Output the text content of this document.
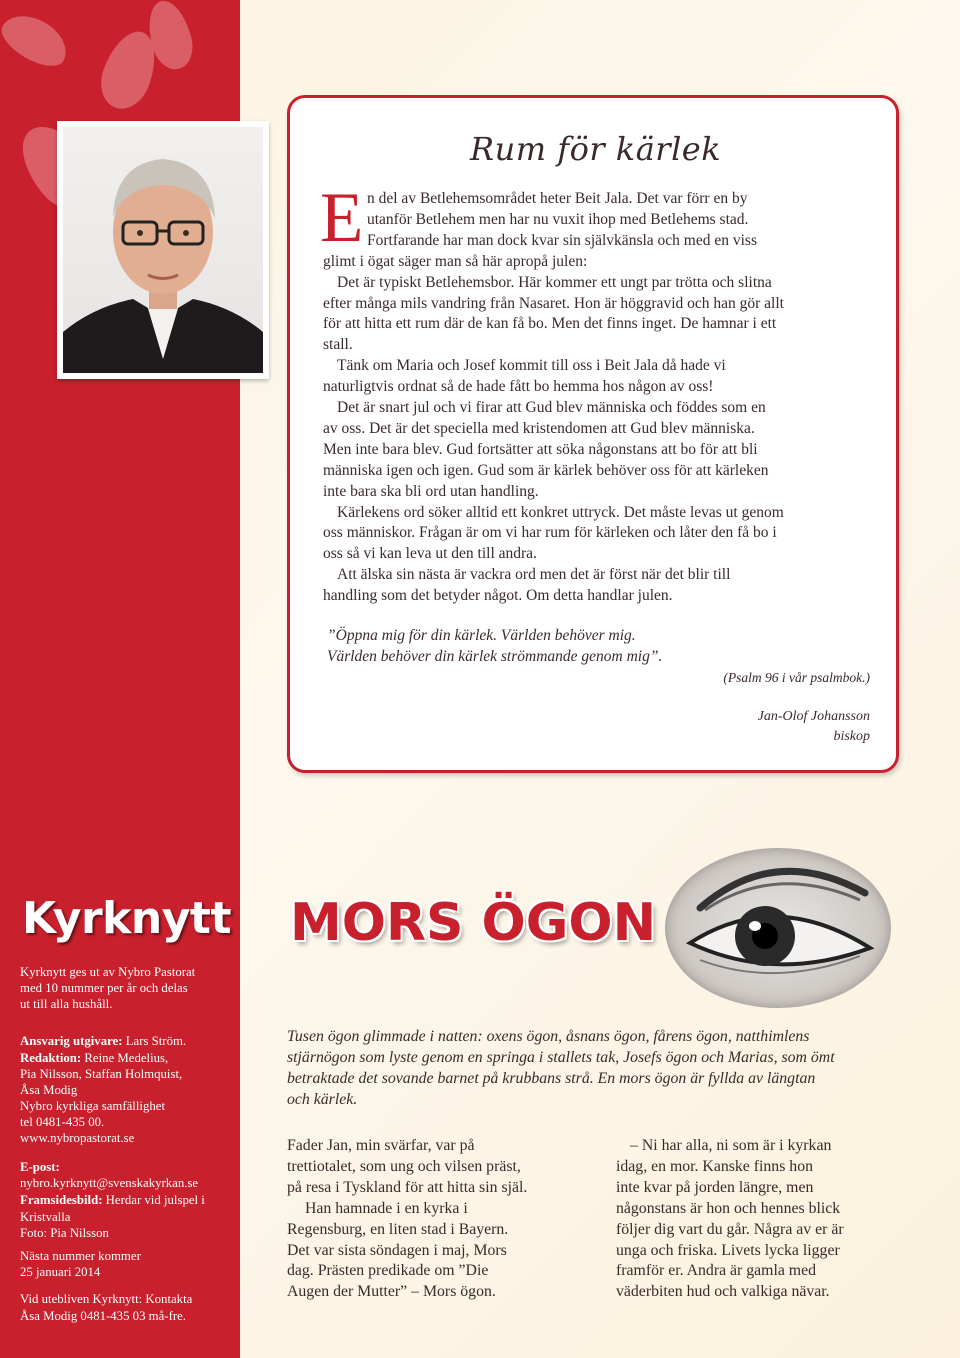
Rum för kärlek
E n del av Betlehemsområdet heter Beit Jala. Det var förr en by

utanför Betlehem men har nu vuxit ihop med Betlehems stad.

Fortfarande har man dock kvar sin självkänsla och med en viss

glimt i ögat säger man så här apropå julen:

Det är typiskt Betlehemsbor. Här kommer ett ungt par trötta och slitna

efter många mils vandring från Nasaret. Hon är höggravid och han gör allt

för att hitta ett rum där de kan få bo. Men det finns inget. De hamnar i ett

stall.

Tänk om Maria och Josef kommit till oss i Beit Jala då hade vi

naturligtvis ordnat så de hade fått bo hemma hos någon av oss!

Det är snart jul och vi firar att Gud blev människa och föddes som en

av oss. Det är det speciella med kristendomen att Gud blev människa.

Men inte bara blev. Gud fortsätter att söka någonstans att bo för att bli

människa igen och igen. Gud som är kärlek behöver oss för att kärleken

inte bara ska bli ord utan handling.

Kärlekens ord söker alltid ett konkret uttryck. Det måste levas ut genom

oss människor. Frågan är om vi har rum för kärleken och låter den få bo i

oss så vi kan leva ut den till andra.

Att älska sin nästa är vackra ord men det är först när det blir till

handling som det betyder något. Om detta handlar julen.

”Öppna mig för din kärlek. Världen behöver mig.

Världen behöver din kärlek strömmande genom mig”.

(Psalm 96 i vår psalmbok.)

Jan-Olof Johansson

biskop

Kyrknytt

Kyrknytt ges ut av Nybro Pastorat

med 10 nummer per år och delas

ut till alla hushåll.

Ansvarig utgivare: Lars Ström.

Redaktion: Reine Medelius,

Pia Nilsson, Staffan Holmquist,

Åsa Modig

Nybro kyrkliga samfällighet

tel 0481-435 00.

www.nybropastorat.se

E-post:

nybro.kyrknytt@svenskakyrkan.se

Framsidesbild: Herdar vid julspel i

Kristvalla

Foto: Pia Nilsson

Nästa nummer kommer

25 januari 2014

Vid utebliven Kyrknytt: Kontakta

Åsa Modig 0481-435 03 må-fre.

MORS ÖGON

Tusen ögon glimmade i natten: oxens ögon, åsnans ögon, fårens ögon, natthimlens

stjärnögon som lyste genom en springa i stallets tak, Josefs ögon och Marias, som ömt

betraktade det sovande barnet på krubbans strå. En mors ögon är fyllda av längtan

och kärlek.

Fader Jan, min svärfar, var på

trettiotalet, som ung och vilsen präst,

på resa i Tyskland för att hitta sin själ.

Han hamnade i en kyrka i

Regensburg, en liten stad i Bayern.

Det var sista söndagen i maj, Mors

dag. Prästen predikade om ”Die

Augen der Mutter” – Mors ögon.

– Ni har alla, ni som är i kyrkan

idag, en mor. Kanske finns hon

inte kvar på jorden längre, men

någonstans är hon och hennes blick

följer dig vart du går. Några av er är

unga och friska. Livets lycka ligger

framför er. Andra är gamla med

väderbiten hud och valkiga nävar.
